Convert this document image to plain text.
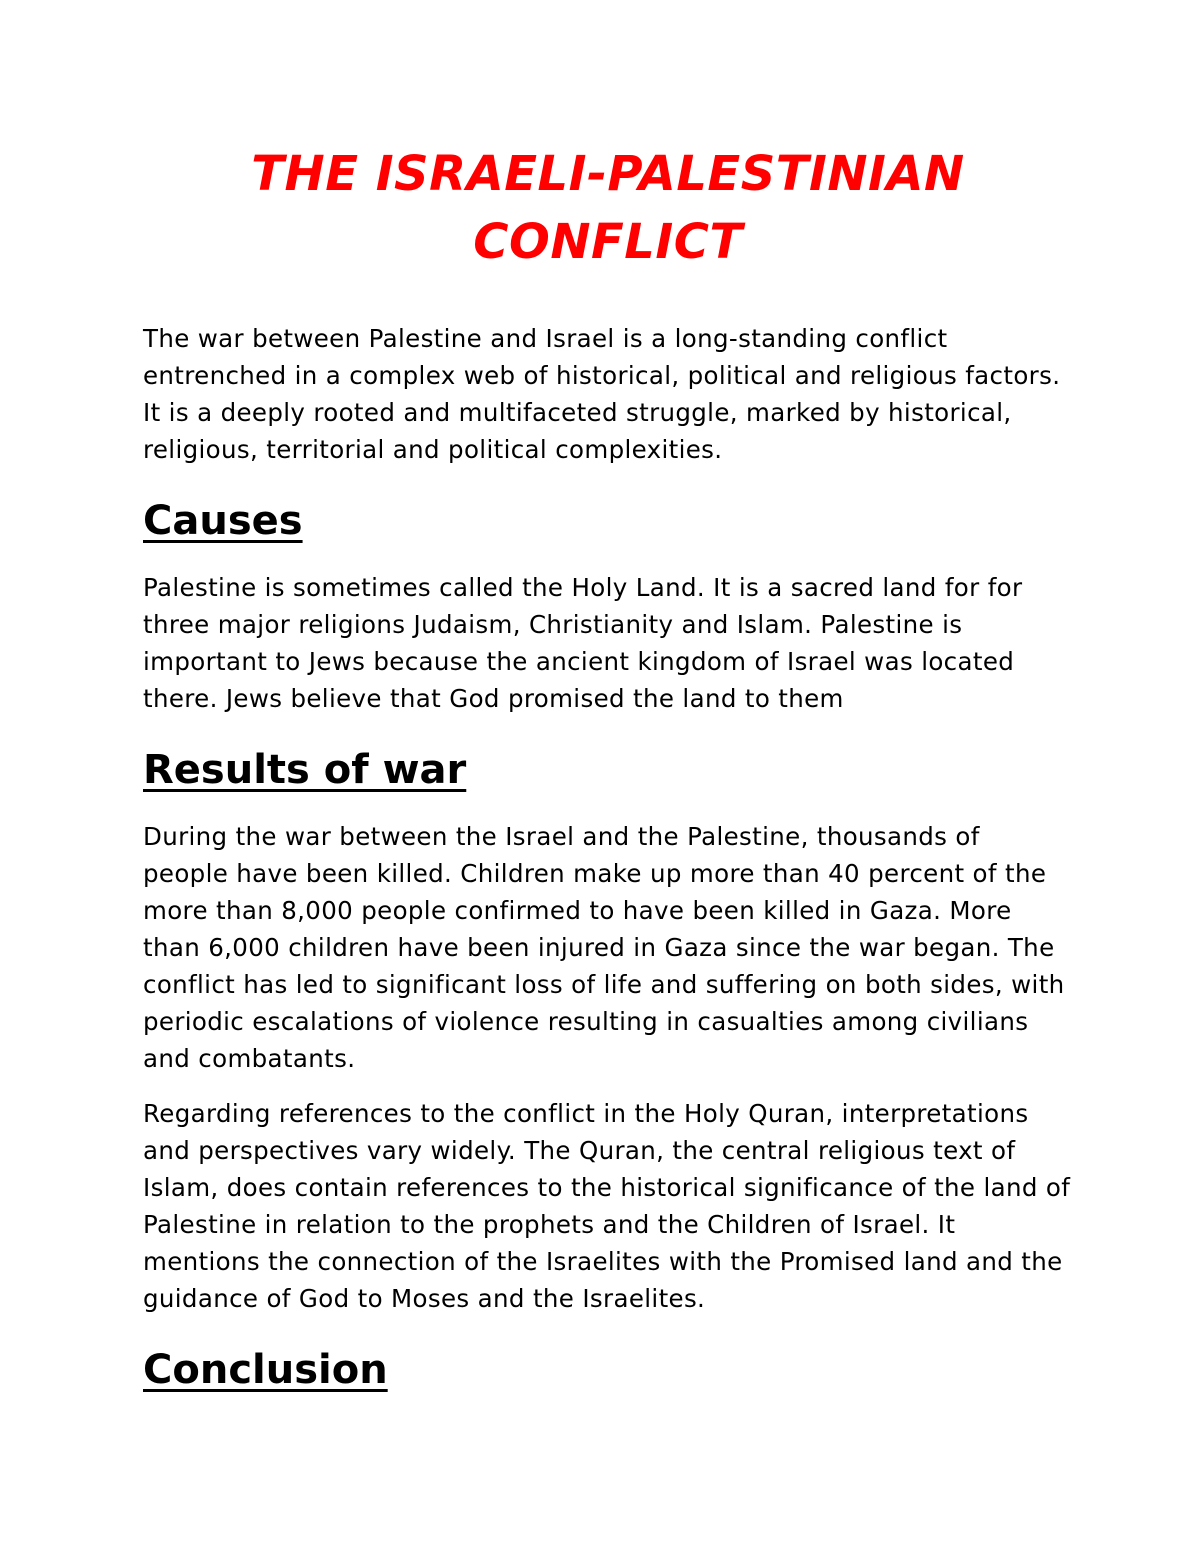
THE ISRAELI-PALESTINIAN
CONFLICT

The war between Palestine and Israel is a long-standing conflict entrenched in a complex web of historical, political and religious factors. It is a deeply rooted and multifaceted struggle, marked by historical, religious, territorial and political complexities.

Causes

Palestine is sometimes called the Holy Land. It is a sacred land for for three major religions Judaism, Christianity and Islam. Palestine is important to Jews because the ancient kingdom of Israel was located there. Jews believe that God promised the land to them

Results of war

During the war between the Israel and the Palestine, thousands of people have been killed. Children make up more than 40 percent of the more than 8,000 people confirmed to have been killed in Gaza. More than 6,000 children have been injured in Gaza since the war began. The conflict has led to significant loss of life and suffering on both sides, with periodic escalations of violence resulting in casualties among civilians and combatants.

Regarding references to the conflict in the Holy Quran, interpretations and perspectives vary widely. The Quran, the central religious text of Islam, does contain references to the historical significance of the land of Palestine in relation to the prophets and the Children of Israel. It mentions the connection of the Israelites with the Promised land and the guidance of God to Moses and the Israelites.

Conclusion
